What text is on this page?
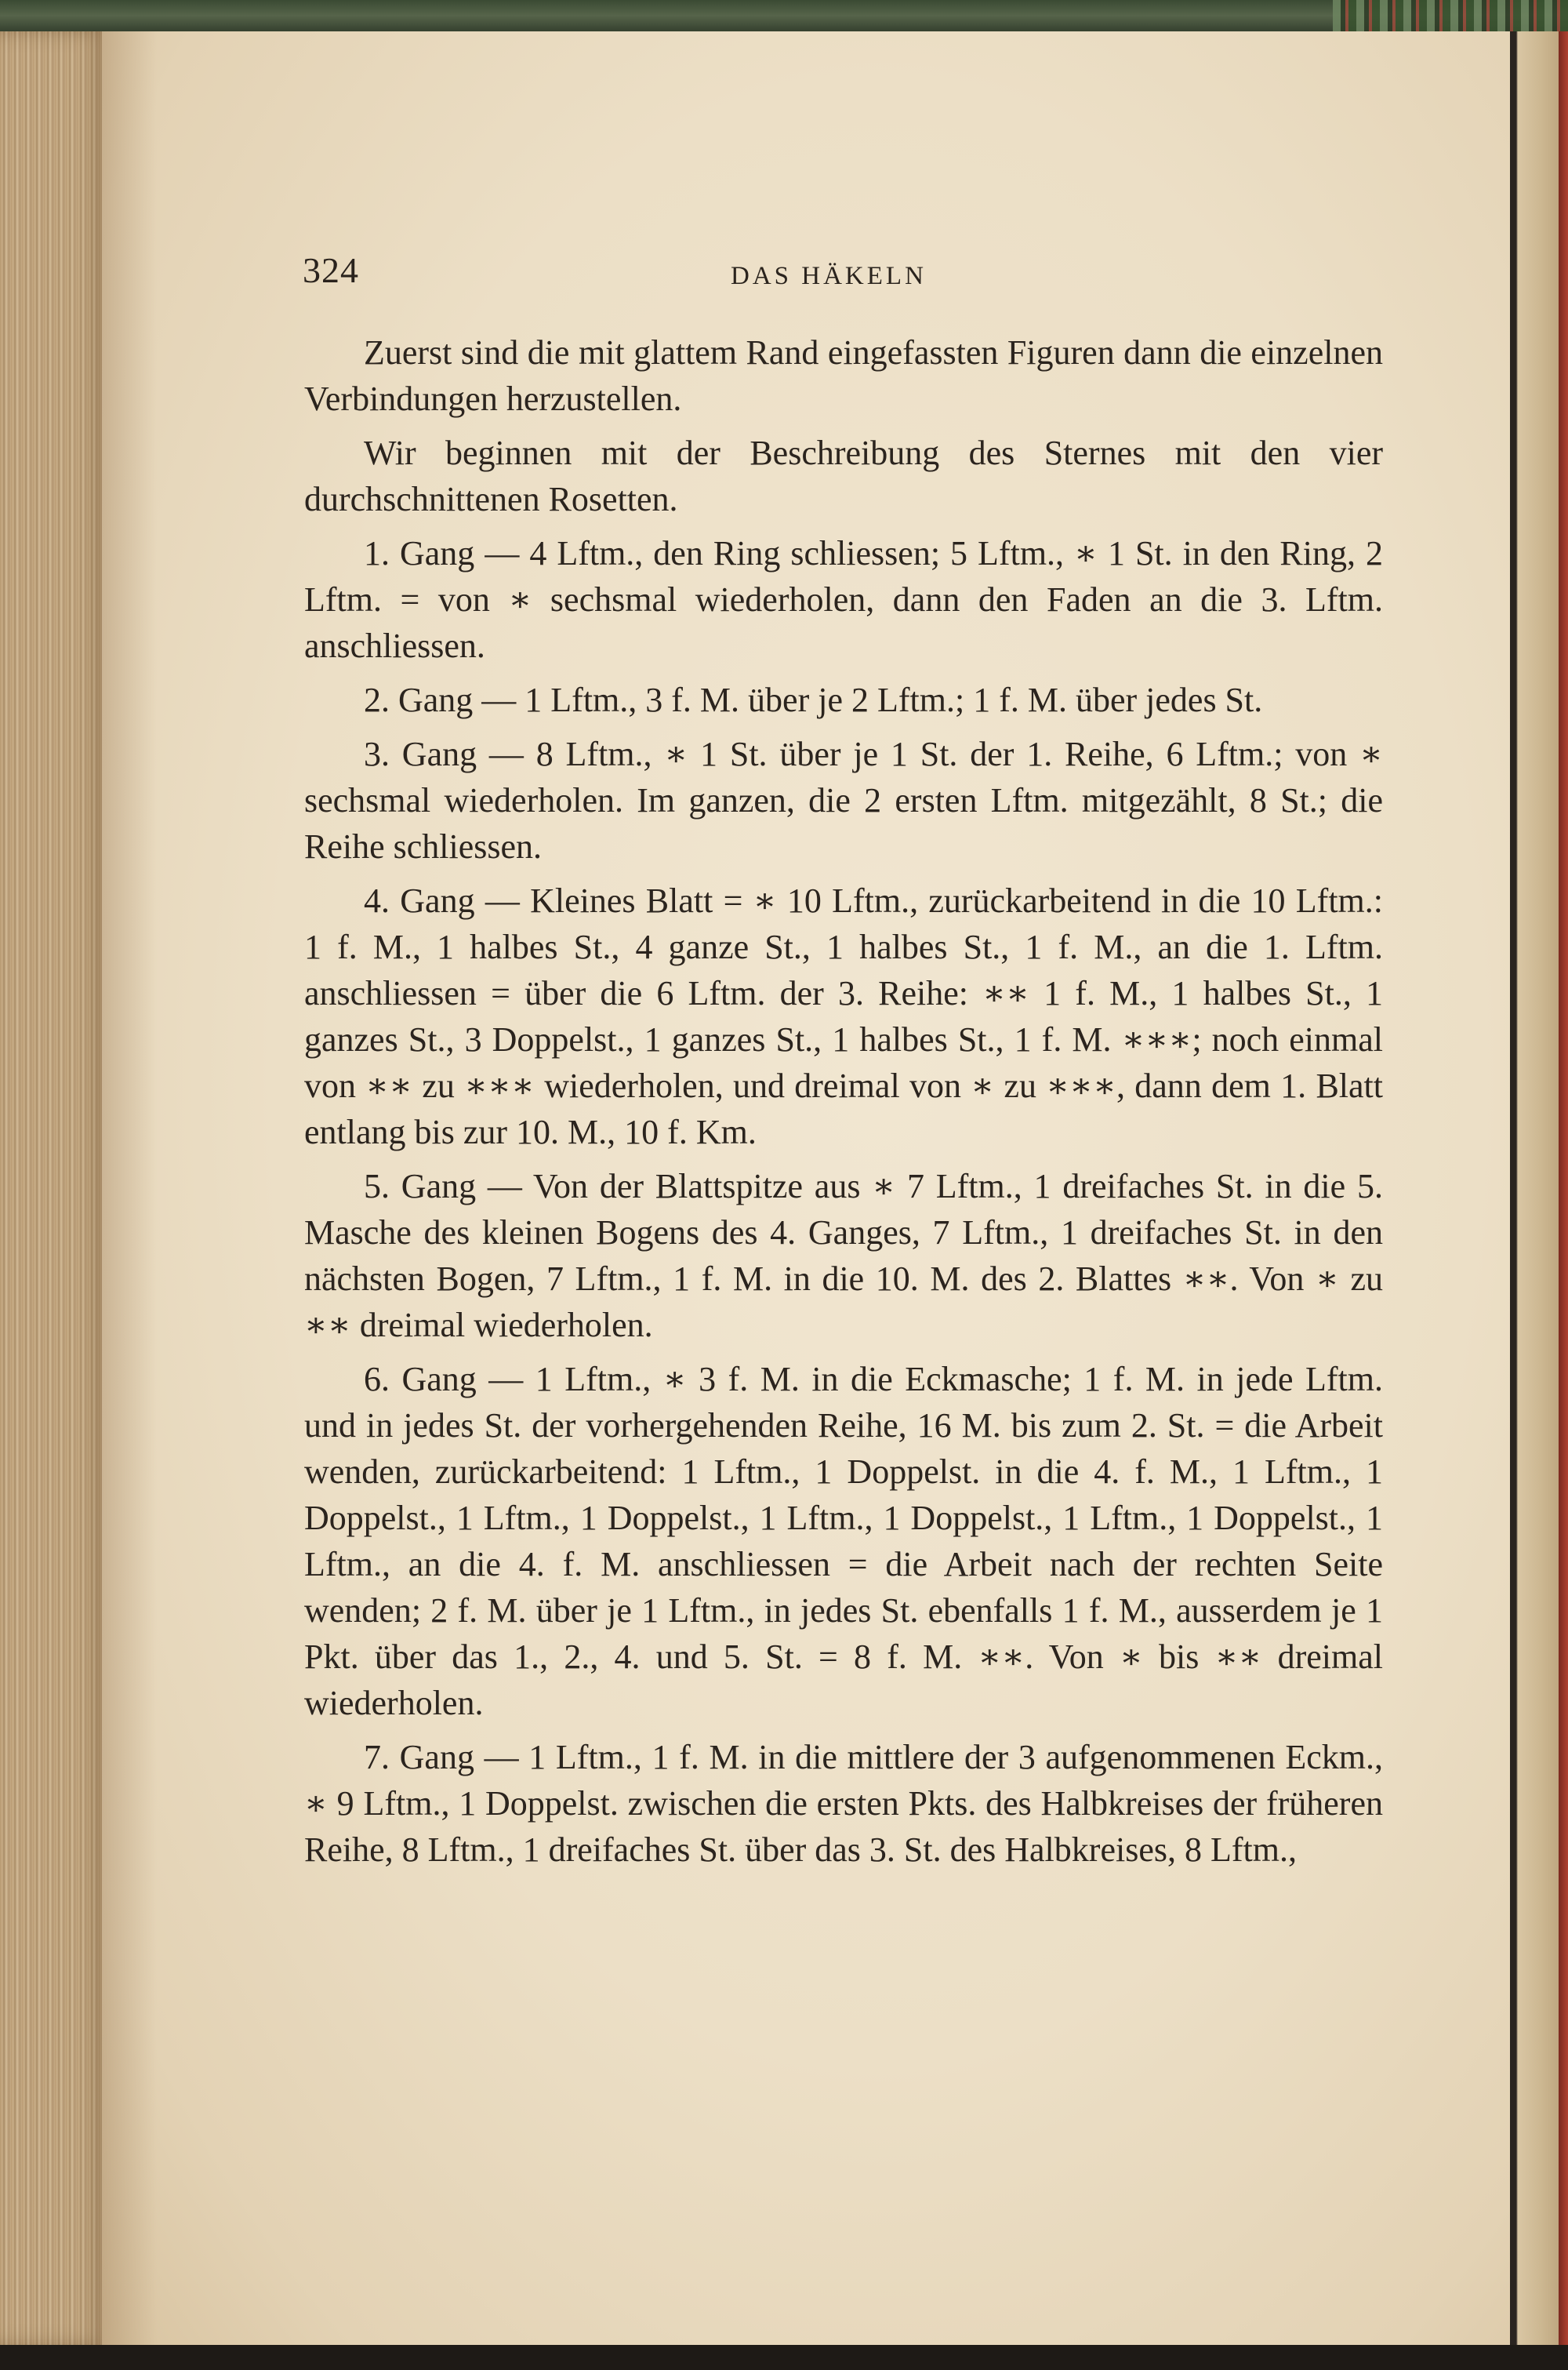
324	DAS HÄKELN

Zuerst sind die mit glattem Rand eingefassten Figuren dann die einzelnen Verbindungen herzustellen.

Wir beginnen mit der Beschreibung des Sternes mit den vier durchschnittenen Rosetten.

1. Gang — 4 Lftm., den Ring schliessen; 5 Lftm., ∗ 1 St. in den Ring, 2 Lftm. = von ∗ sechsmal wiederholen, dann den Faden an die 3. Lftm. anschliessen.

2. Gang — 1 Lftm., 3 f. M. über je 2 Lftm.; 1 f. M. über jedes St.

3. Gang — 8 Lftm., ∗ 1 St. über je 1 St. der 1. Reihe, 6 Lftm.; von ∗ sechsmal wiederholen. Im ganzen, die 2 ersten Lftm. mitgezählt, 8 St.; die Reihe schliessen.

4. Gang — Kleines Blatt = ∗ 10 Lftm., zurückarbeitend in die 10 Lftm.: 1 f. M., 1 halbes St., 4 ganze St., 1 halbes St., 1 f. M., an die 1. Lftm. anschliessen = über die 6 Lftm. der 3. Reihe: ∗∗ 1 f. M., 1 halbes St., 1 ganzes St., 3 Doppelst., 1 ganzes St., 1 halbes St., 1 f. M. ∗∗∗; noch einmal von ∗∗ zu ∗∗∗ wiederholen, und dreimal von ∗ zu ∗∗∗, dann dem 1. Blatt entlang bis zur 10. M., 10 f. Km.

5. Gang — Von der Blattspitze aus ∗ 7 Lftm., 1 dreifaches St. in die 5. Masche des kleinen Bogens des 4. Ganges, 7 Lftm., 1 dreifaches St. in den nächsten Bogen, 7 Lftm., 1 f. M. in die 10. M. des 2. Blattes ∗∗. Von ∗ zu ∗∗ dreimal wiederholen.

6. Gang — 1 Lftm., ∗ 3 f. M. in die Eckmasche; 1 f. M. in jede Lftm. und in jedes St. der vorhergehenden Reihe, 16 M. bis zum 2. St. = die Arbeit wenden, zurückarbeitend: 1 Lftm., 1 Doppelst. in die 4. f. M., 1 Lftm., 1 Doppelst., 1 Lftm., 1 Doppelst., 1 Lftm., 1 Doppelst., 1 Lftm., 1 Doppelst., 1 Lftm., an die 4. f. M. anschliessen = die Arbeit nach der rechten Seite wenden; 2 f. M. über je 1 Lftm., in jedes St. ebenfalls 1 f. M., ausserdem je 1 Pkt. über das 1., 2., 4. und 5. St. = 8 f. M. ∗∗. Von ∗ bis ∗∗ dreimal wiederholen.

7. Gang — 1 Lftm., 1 f. M. in die mittlere der 3 aufgenommenen Eckm., ∗ 9 Lftm., 1 Doppelst. zwischen die ersten Pkts. des Halbkreises der früheren Reihe, 8 Lftm., 1 dreifaches St. über das 3. St. des Halbkreises, 8 Lftm.,
